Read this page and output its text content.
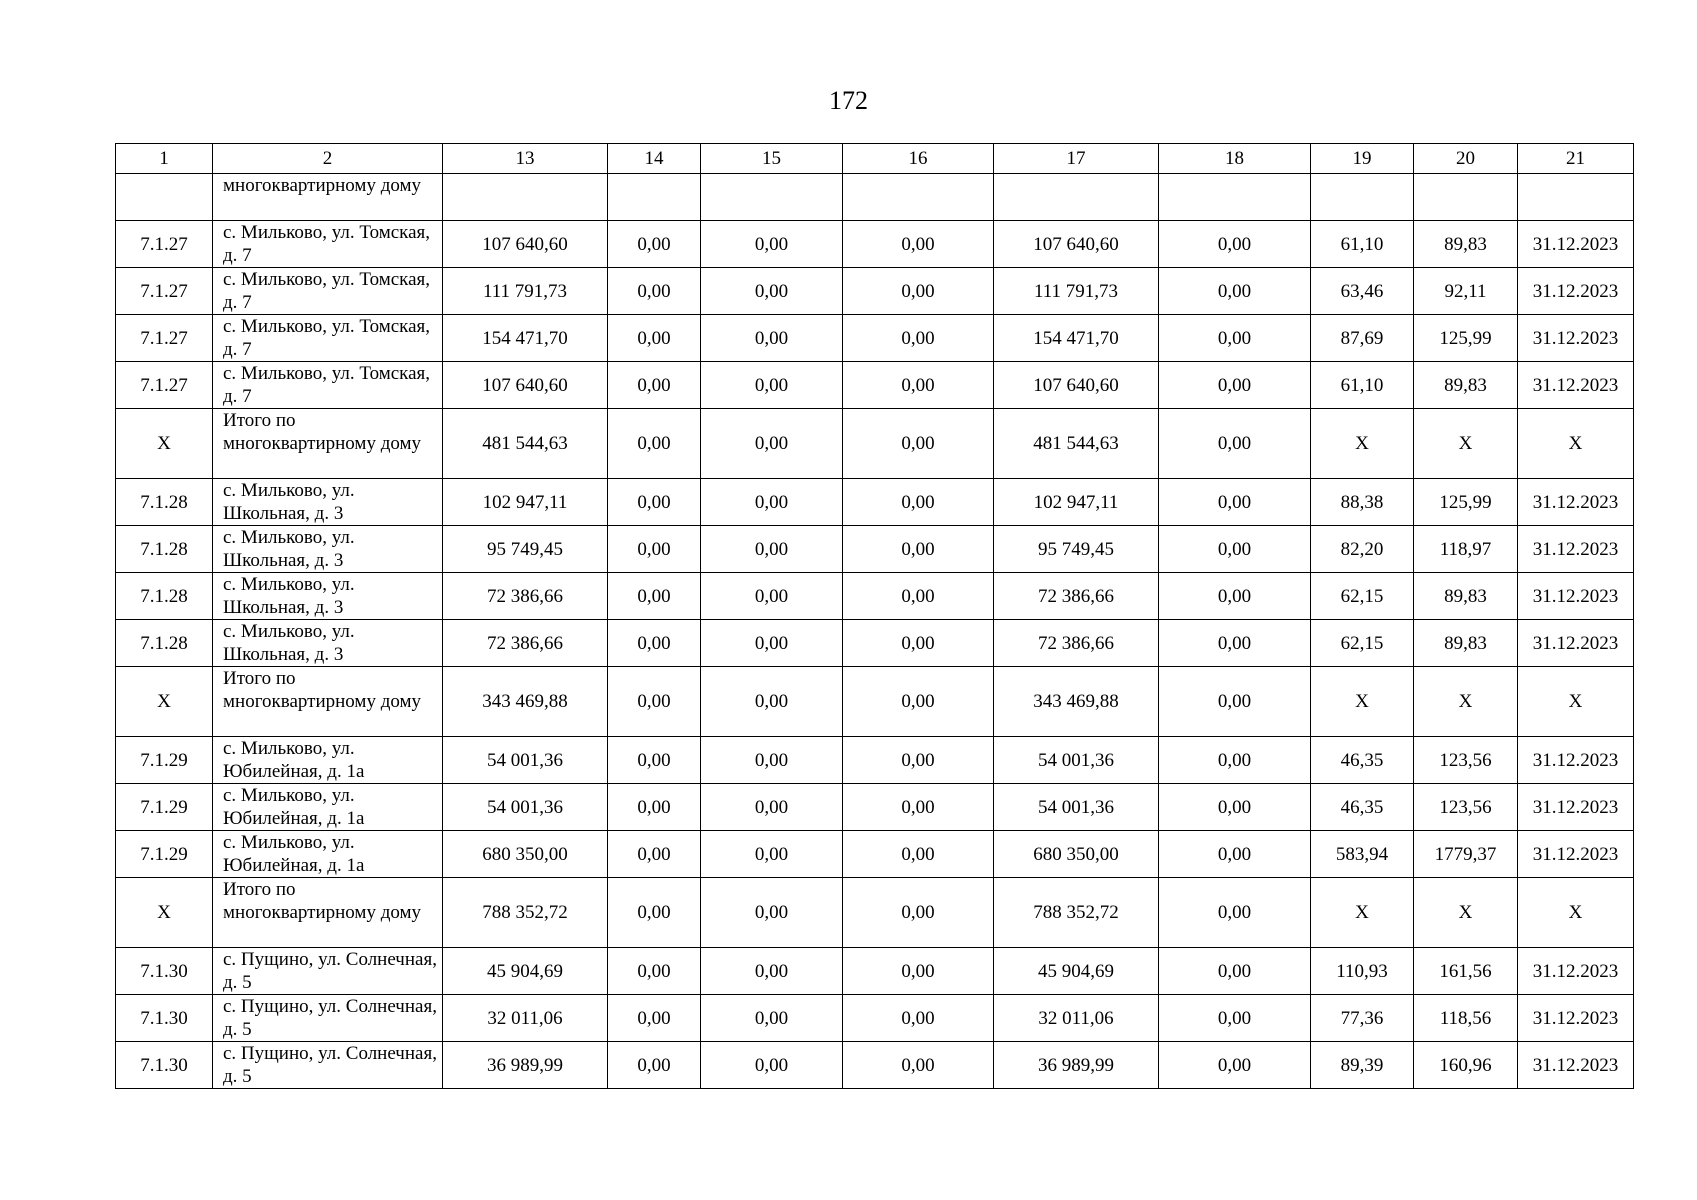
172
1	2	13	14	15	16	17	18	19	20	21
	многоквартирному дому									
7.1.27	с. Мильково, ул. Томская, д. 7	107 640,60	0,00	0,00	0,00	107 640,60	0,00	61,10	89,83	31.12.2023
7.1.27	с. Мильково, ул. Томская, д. 7	111 791,73	0,00	0,00	0,00	111 791,73	0,00	63,46	92,11	31.12.2023
7.1.27	с. Мильково, ул. Томская, д. 7	154 471,70	0,00	0,00	0,00	154 471,70	0,00	87,69	125,99	31.12.2023
7.1.27	с. Мильково, ул. Томская, д. 7	107 640,60	0,00	0,00	0,00	107 640,60	0,00	61,10	89,83	31.12.2023
X	Итого по многоквартирному дому	481 544,63	0,00	0,00	0,00	481 544,63	0,00	X	X	X
7.1.28	с. Мильково, ул. Школьная, д. 3	102 947,11	0,00	0,00	0,00	102 947,11	0,00	88,38	125,99	31.12.2023
7.1.28	с. Мильково, ул. Школьная, д. 3	95 749,45	0,00	0,00	0,00	95 749,45	0,00	82,20	118,97	31.12.2023
7.1.28	с. Мильково, ул. Школьная, д. 3	72 386,66	0,00	0,00	0,00	72 386,66	0,00	62,15	89,83	31.12.2023
7.1.28	с. Мильково, ул. Школьная, д. 3	72 386,66	0,00	0,00	0,00	72 386,66	0,00	62,15	89,83	31.12.2023
X	Итого по многоквартирному дому	343 469,88	0,00	0,00	0,00	343 469,88	0,00	X	X	X
7.1.29	с. Мильково, ул. Юбилейная, д. 1а	54 001,36	0,00	0,00	0,00	54 001,36	0,00	46,35	123,56	31.12.2023
7.1.29	с. Мильково, ул. Юбилейная, д. 1а	54 001,36	0,00	0,00	0,00	54 001,36	0,00	46,35	123,56	31.12.2023
7.1.29	с. Мильково, ул. Юбилейная, д. 1а	680 350,00	0,00	0,00	0,00	680 350,00	0,00	583,94	1779,37	31.12.2023
X	Итого по многоквартирному дому	788 352,72	0,00	0,00	0,00	788 352,72	0,00	X	X	X
7.1.30	с. Пущино, ул. Солнечная, д. 5	45 904,69	0,00	0,00	0,00	45 904,69	0,00	110,93	161,56	31.12.2023
7.1.30	с. Пущино, ул. Солнечная, д. 5	32 011,06	0,00	0,00	0,00	32 011,06	0,00	77,36	118,56	31.12.2023
7.1.30	с. Пущино, ул. Солнечная, д. 5	36 989,99	0,00	0,00	0,00	36 989,99	0,00	89,39	160,96	31.12.2023
